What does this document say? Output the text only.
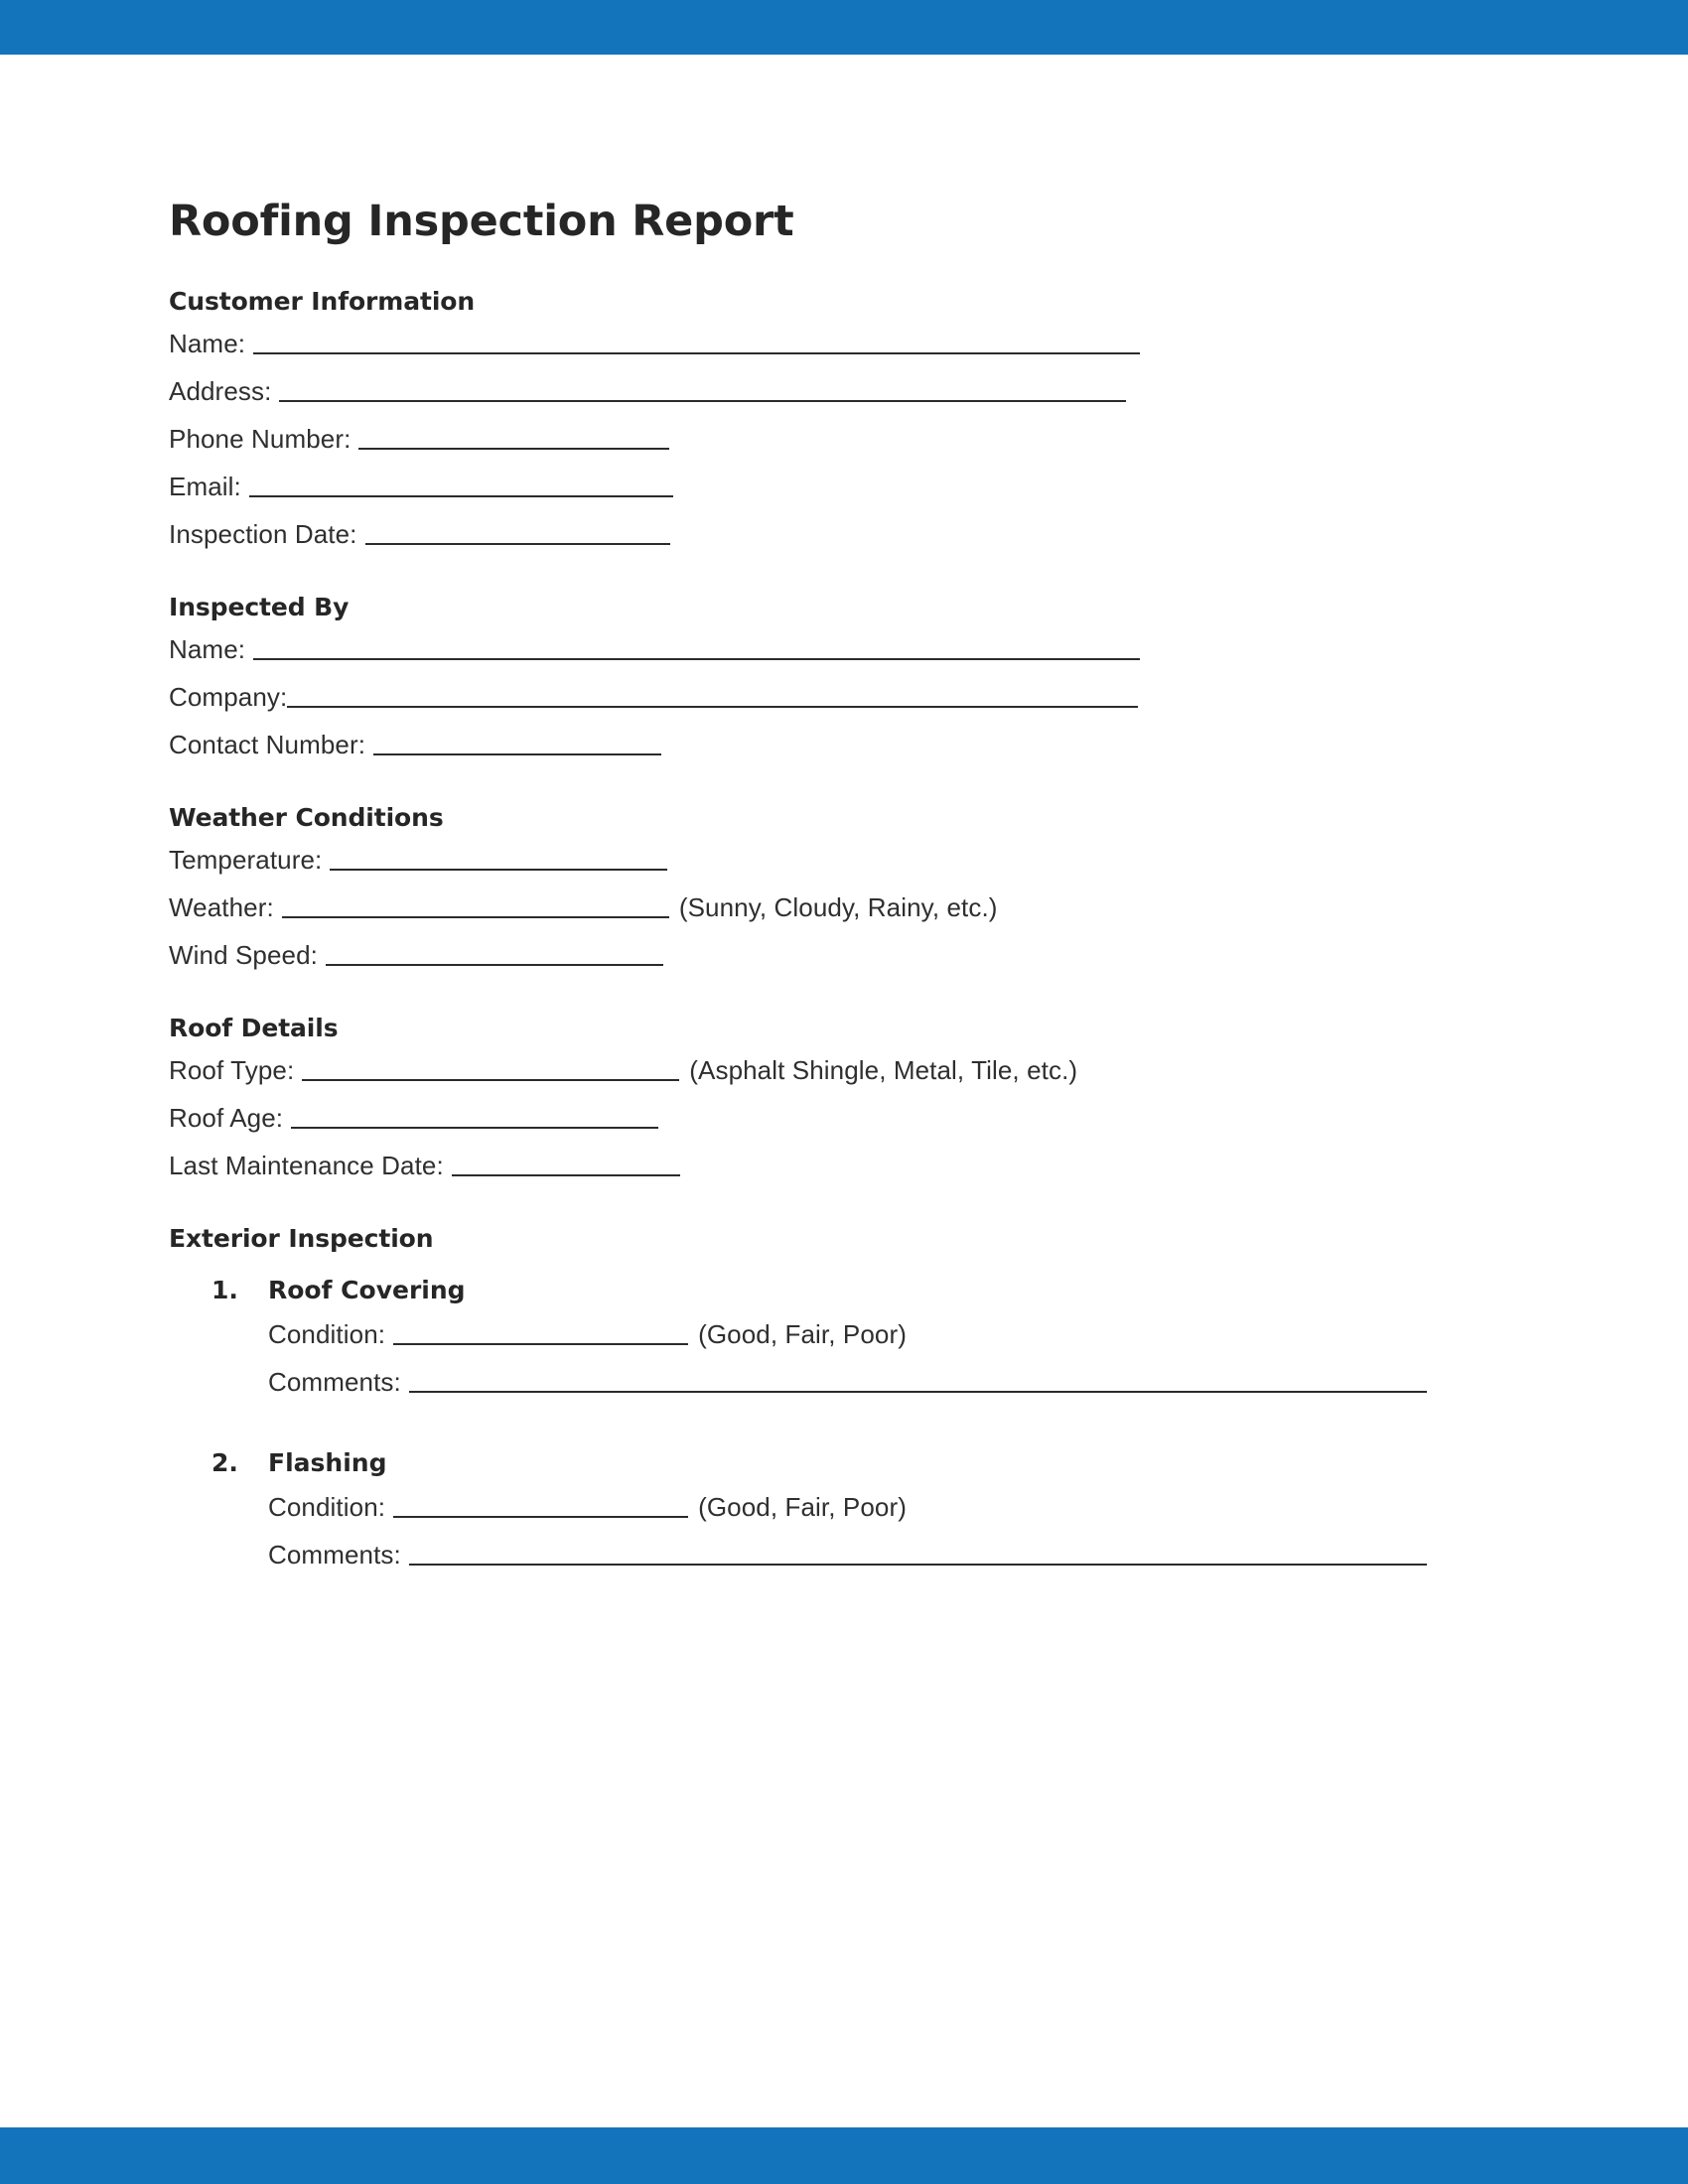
Roofing Inspection Report
Customer Information
Name:
Address:
Phone Number:
Email:
Inspection Date:
Inspected By
Name:
Company:
Contact Number:
Weather Conditions
Temperature:
Weather:	(Sunny, Cloudy, Rainy, etc.)
Wind Speed:
Roof Details
Roof Type:	(Asphalt Shingle, Metal, Tile, etc.)
Roof Age:
Last Maintenance Date:
Exterior Inspection
1. Roof Covering
Condition:	(Good, Fair, Poor)
Comments:
2. Flashing
Condition:	(Good, Fair, Poor)
Comments:
